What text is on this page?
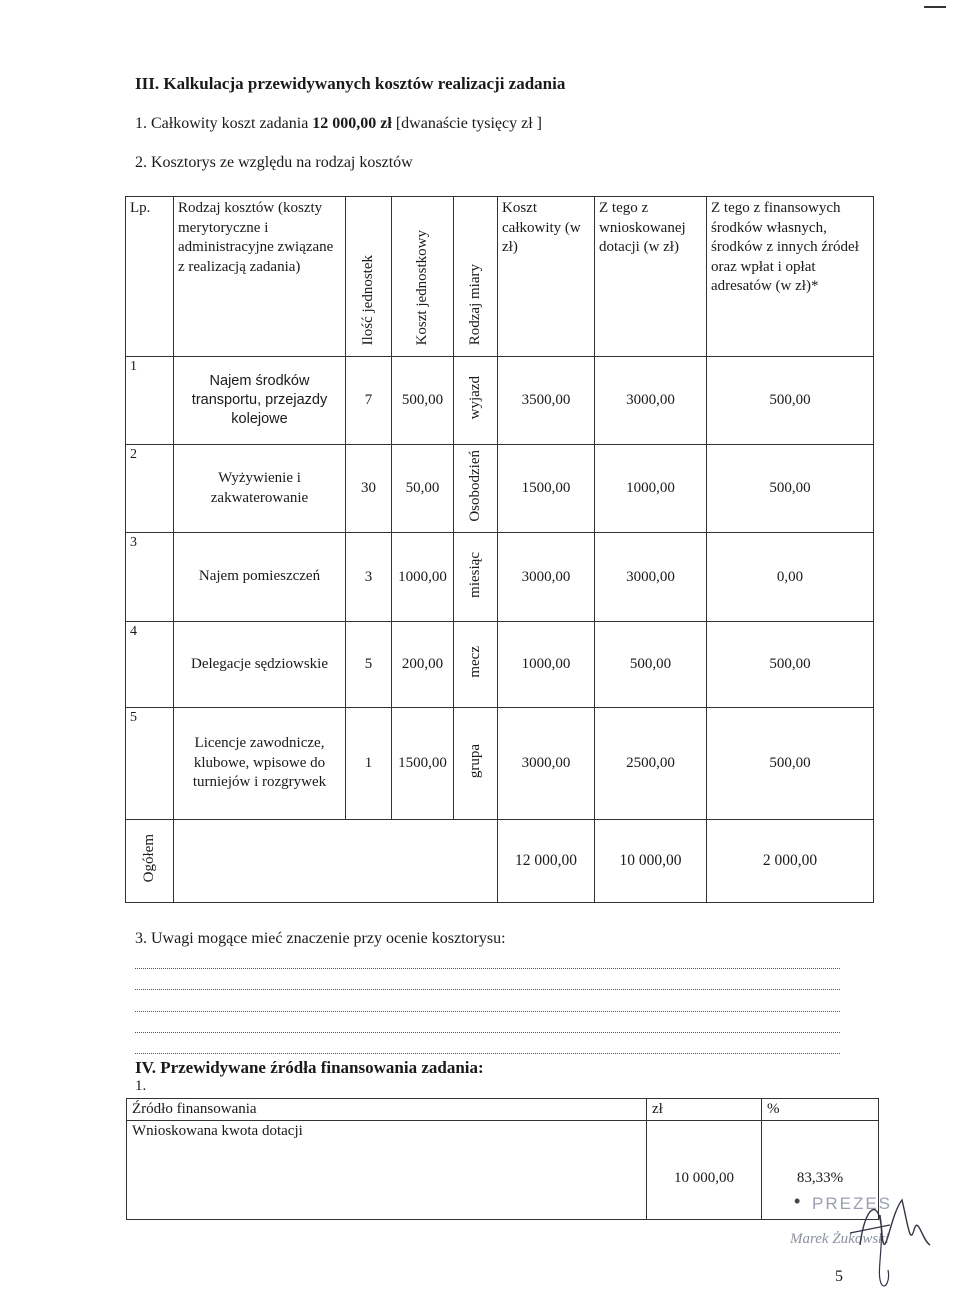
III. Kalkulacja przewidywanych kosztów realizacji zadania
1. Całkowity koszt zadania 12 000,00 zł [dwanaście tysięcy zł ]
2. Kosztorys ze względu na rodzaj kosztów
Lp.	Rodzaj kosztów (koszty merytoryczne i administracyjne związane z realizacją zadania)	Ilość jednostek	Koszt jednostkowy	Rodzaj miary	Koszt całkowity (w zł)	Z tego z wnioskowanej dotacji (w zł)	Z tego z finansowych środków własnych, środków z innych źródeł oraz wpłat i opłat adresatów (w zł)*
1	Najem środków transportu, przejazdy kolejowe	7	500,00	wyjazd	3500,00	3000,00	500,00
2	Wyżywienie i zakwaterowanie	30	50,00	Osobodzień	1500,00	1000,00	500,00
3	Najem pomieszczeń	3	1000,00	miesiąc	3000,00	3000,00	0,00
4	Delegacje sędziowskie	5	200,00	mecz	1000,00	500,00	500,00
5	Licencje zawodnicze, klubowe, wpisowe do turniejów i rozgrywek	1	1500,00	grupa	3000,00	2500,00	500,00
Ogółem					12 000,00	10 000,00	2 000,00
3. Uwagi mogące mieć znaczenie przy ocenie kosztorysu:
IV. Przewidywane źródła finansowania zadania:
1.
Źródło finansowania	zł	%
Wnioskowana kwota dotacji	10 000,00	83,33%
• PREZES
Marek Żukowski
5
